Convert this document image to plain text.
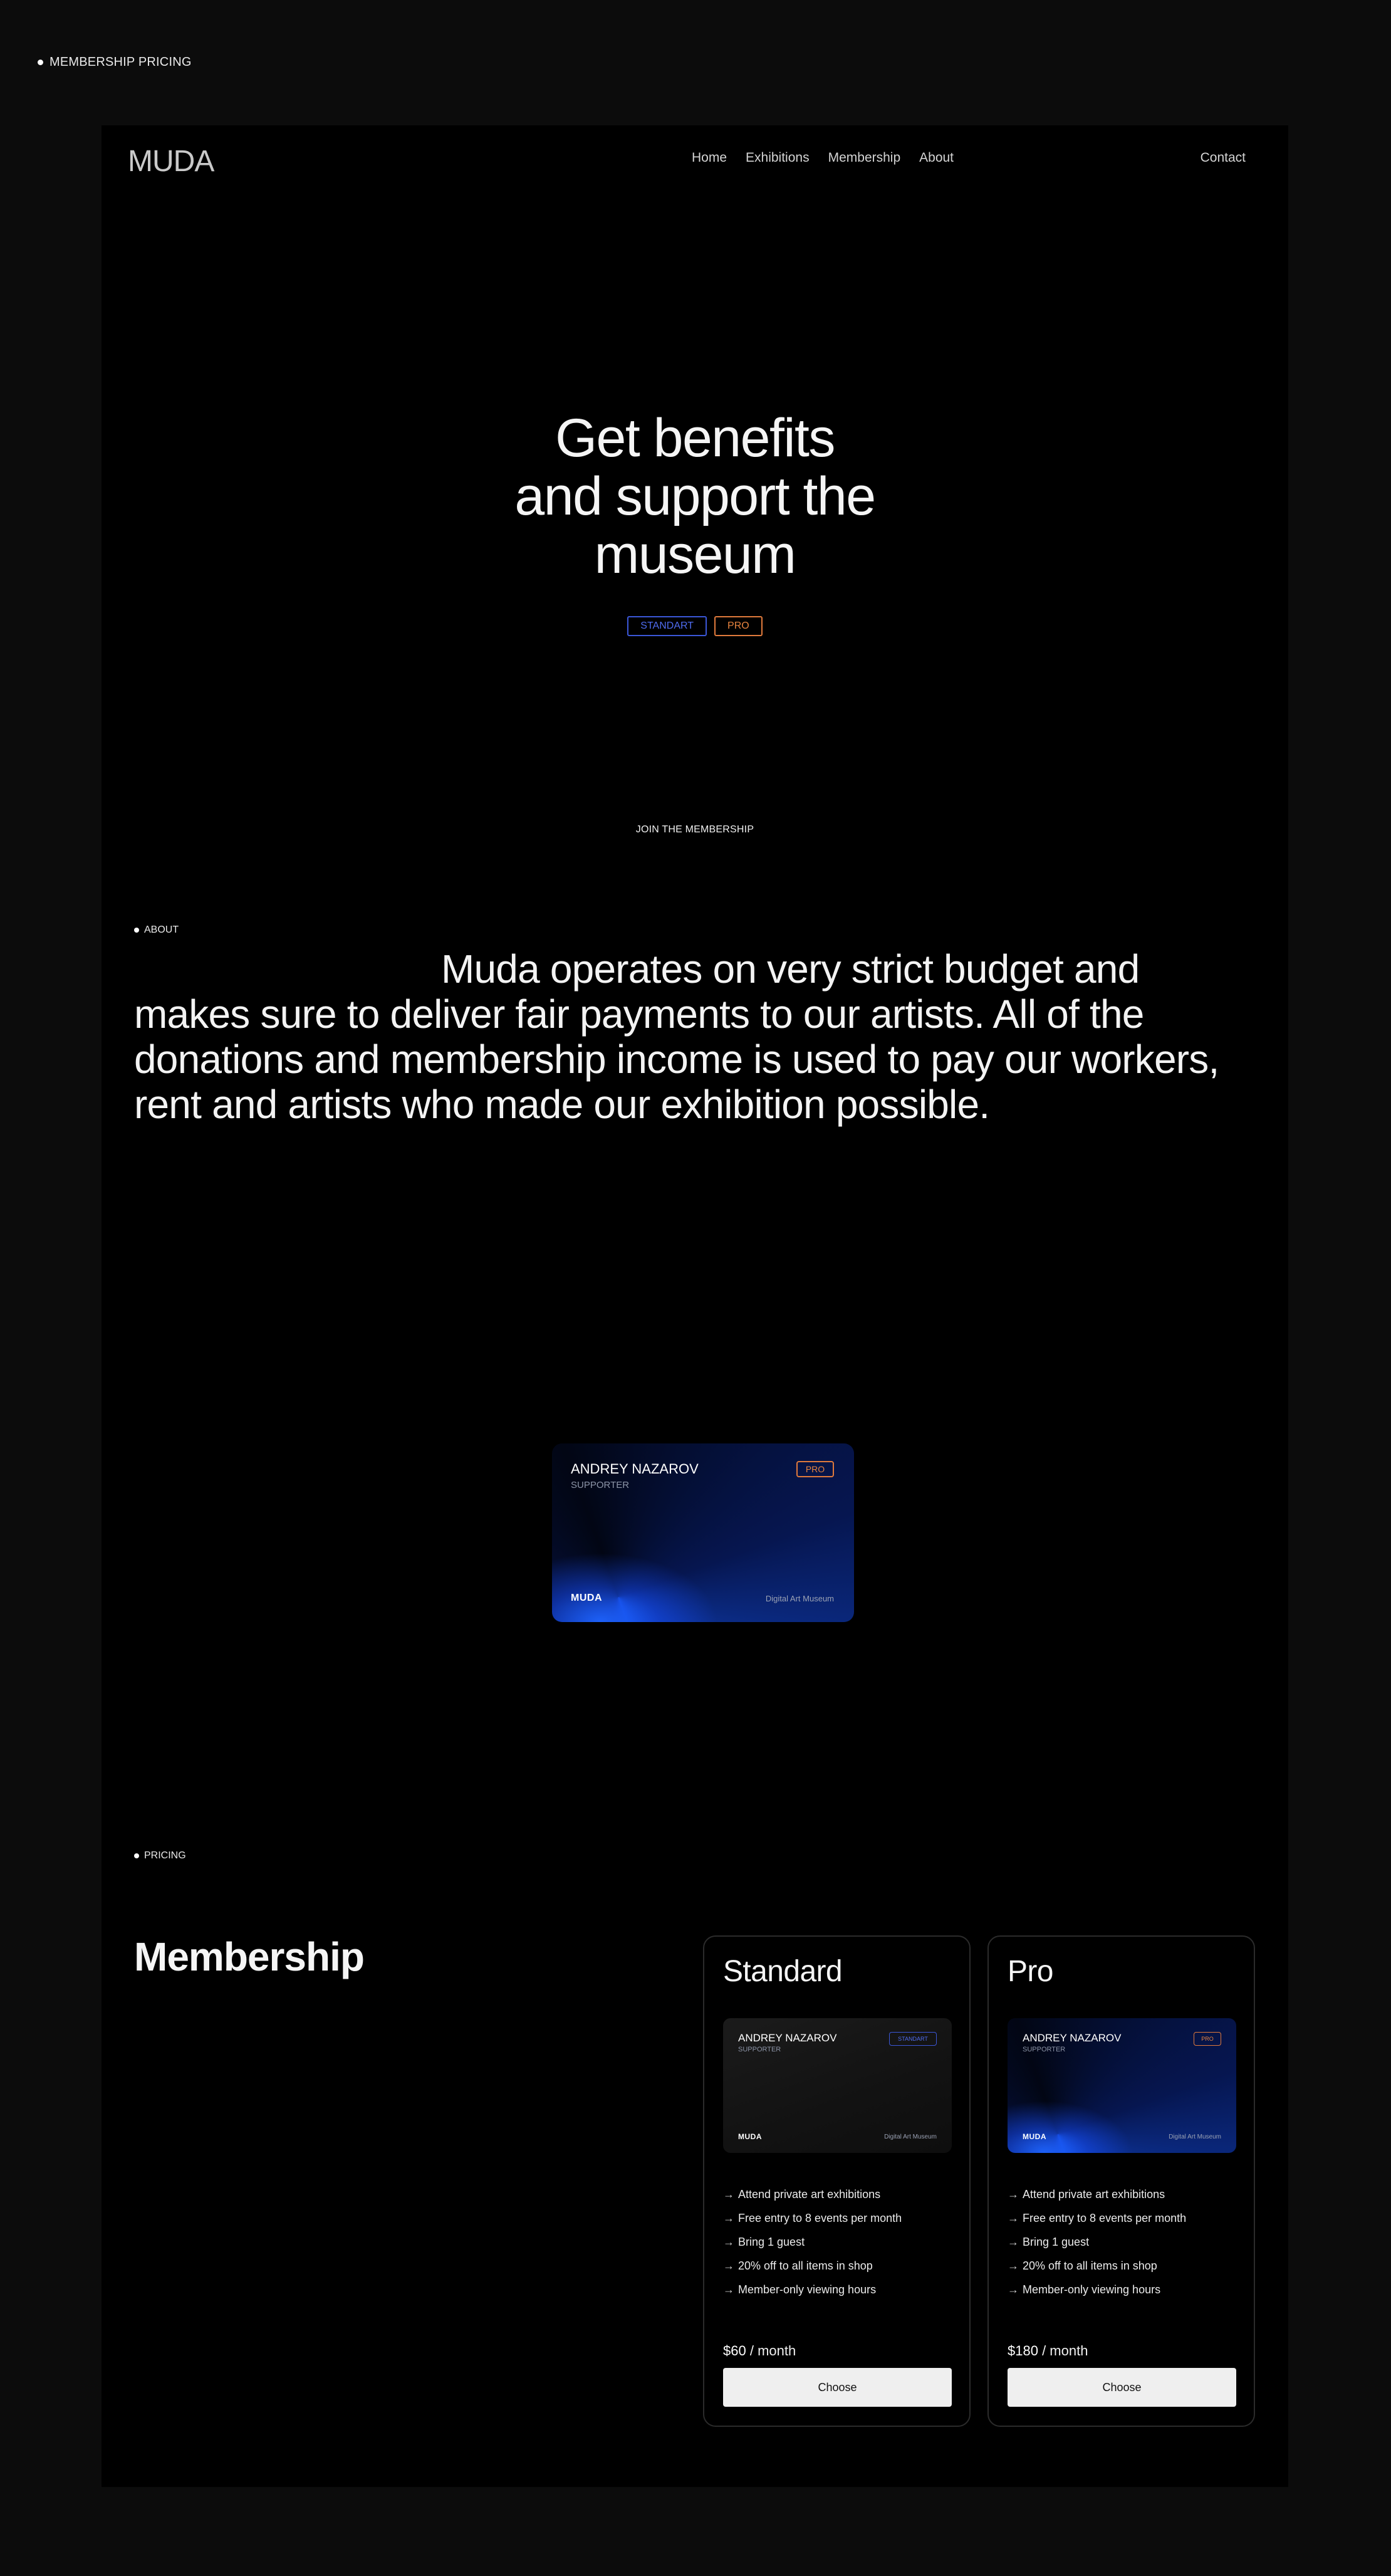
MEMBERSHIP PRICING
MUDA	Home Exhibitions Membership About	Contact
Get benefits
and support the
museum
STANDART	PRO
JOIN THE MEMBERSHIP
ABOUT

Muda operates on very strict budget and makes sure to deliver fair payments to our artists. All of the donations and membership income is used to pay our workers, rent and artists who made our exhibition possible.

ANDREY NAZAROV
SUPPORTER
PRO
MUDA	Digital Art Museum
PRICING
Membership	Standard
ANDREY NAZAROV
SUPPORTER
STANDART
MUDA	Digital Art Museum
→ Attend private art exhibitions
→ Free entry to 8 events per month
→ Bring 1 guest
→ 20% off to all items in shop
→ Member-only viewing hours
$60 / month
Choose
Pro
ANDREY NAZAROV
SUPPORTER
PRO
MUDA	Digital Art Museum
→ Attend private art exhibitions
→ Free entry to 8 events per month
→ Bring 1 guest
→ 20% off to all items in shop
→ Member-only viewing hours
$180 / month
Choose
